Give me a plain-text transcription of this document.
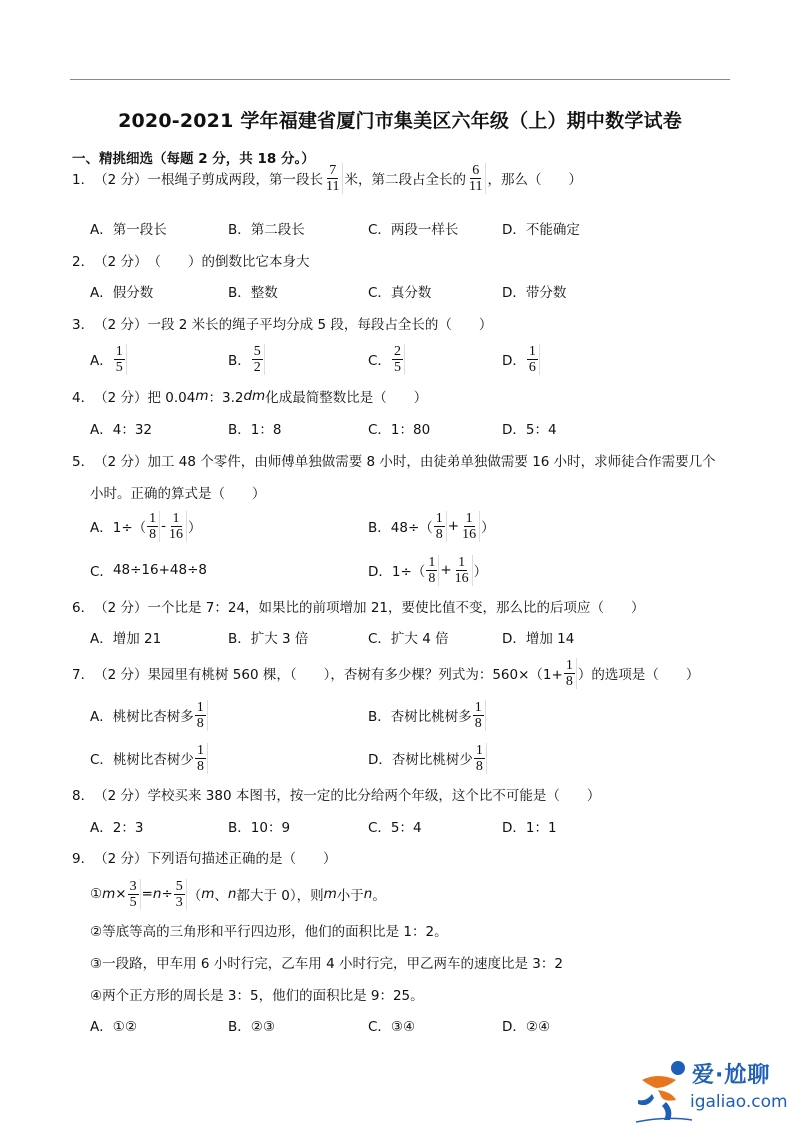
2020-2021 学年福建省厦门市集美区六年级（上）期中数学试卷
一、精挑细选（每题 2 分，共 18 分。）
1． （2 分） 一根绳子剪成两段，第一段长 $\frac{7}{11}$ 米，第二段占全长的 $\frac{6}{11}$ ，那么（　　）
A．第一段长	B．第二段长	C．两段一样长	D．不能确定
2． （2 分） （　　）的倒数比它本身大
A．假分数	B．整数	C．真分数	D．带分数
3． （2 分） 一段 2 米长的绳子平均分成 5 段，每段占全长的（　　）
A． $\frac{1}{5}$	B． $\frac{5}{2}$	C． $\frac{2}{5}$	D． $\frac{1}{6}$
4． （2 分） 把 0.04 m ：3.2 dm 化成最简整数比是（　　）
A．4：32	B．1：8	C．1：80	D．5：4
5． （2 分） 加工 48 个零件，由师傅单独做需要 8 小时，由徒弟单独做需要 16 小时，求师徒合作需要几个
小时。正确的算式是（　　）
A． $1\div( \frac{1}{8} - \frac{1}{16}$ ）	B． $48\div( \frac{1}{8} + \frac{1}{16}$ ）
C． 48÷16+48÷8	D． $1\div( \frac{1}{8} + \frac{1}{16}$ ）
6． （2 分） 一个比是 7：24，如果比的前项增加 21，要使比值不变，那么比的后项应（　　）
A．增加 21	B．扩大 3 倍	C．扩大 4 倍	D．增加 14
7． （2 分） 果园里有桃树 560 棵，（　　），杏树有多少棵？列式为：$560\times(1+ \frac{1}{8}$ ）的选项是（　　）
A． 桃树比杏树多 $\frac{1}{8}$	B． 杏树比桃树多 $\frac{1}{8}$
C． 桃树比杏树少 $\frac{1}{8}$	D． 杏树比桃树少 $\frac{1}{8}$
8． （2 分） 学校买来 380 本图书，按一定的比分给两个年级，这个比不可能是（　　）
A．2：3	B．10：9	C．5：4	D．1：1
9． （2 分） 下列语句描述正确的是（　　）
① $m \times \frac{3}{5} = n \div \frac{5}{3}$ （ m 、 n 都大于 0），则 m 小于 n 。
②等底等高的三角形和平行四边形，他们的面积比是 1：2。
③一段路，甲车用 6 小时行完，乙车用 4 小时行完，甲乙两车的速度比是 3：2
④两个正方形的周长是 3：5，他们的面积比是 9：25。
A．①②	B．②③	C．③④	D．②④
爱·尬聊
igaliao.com
